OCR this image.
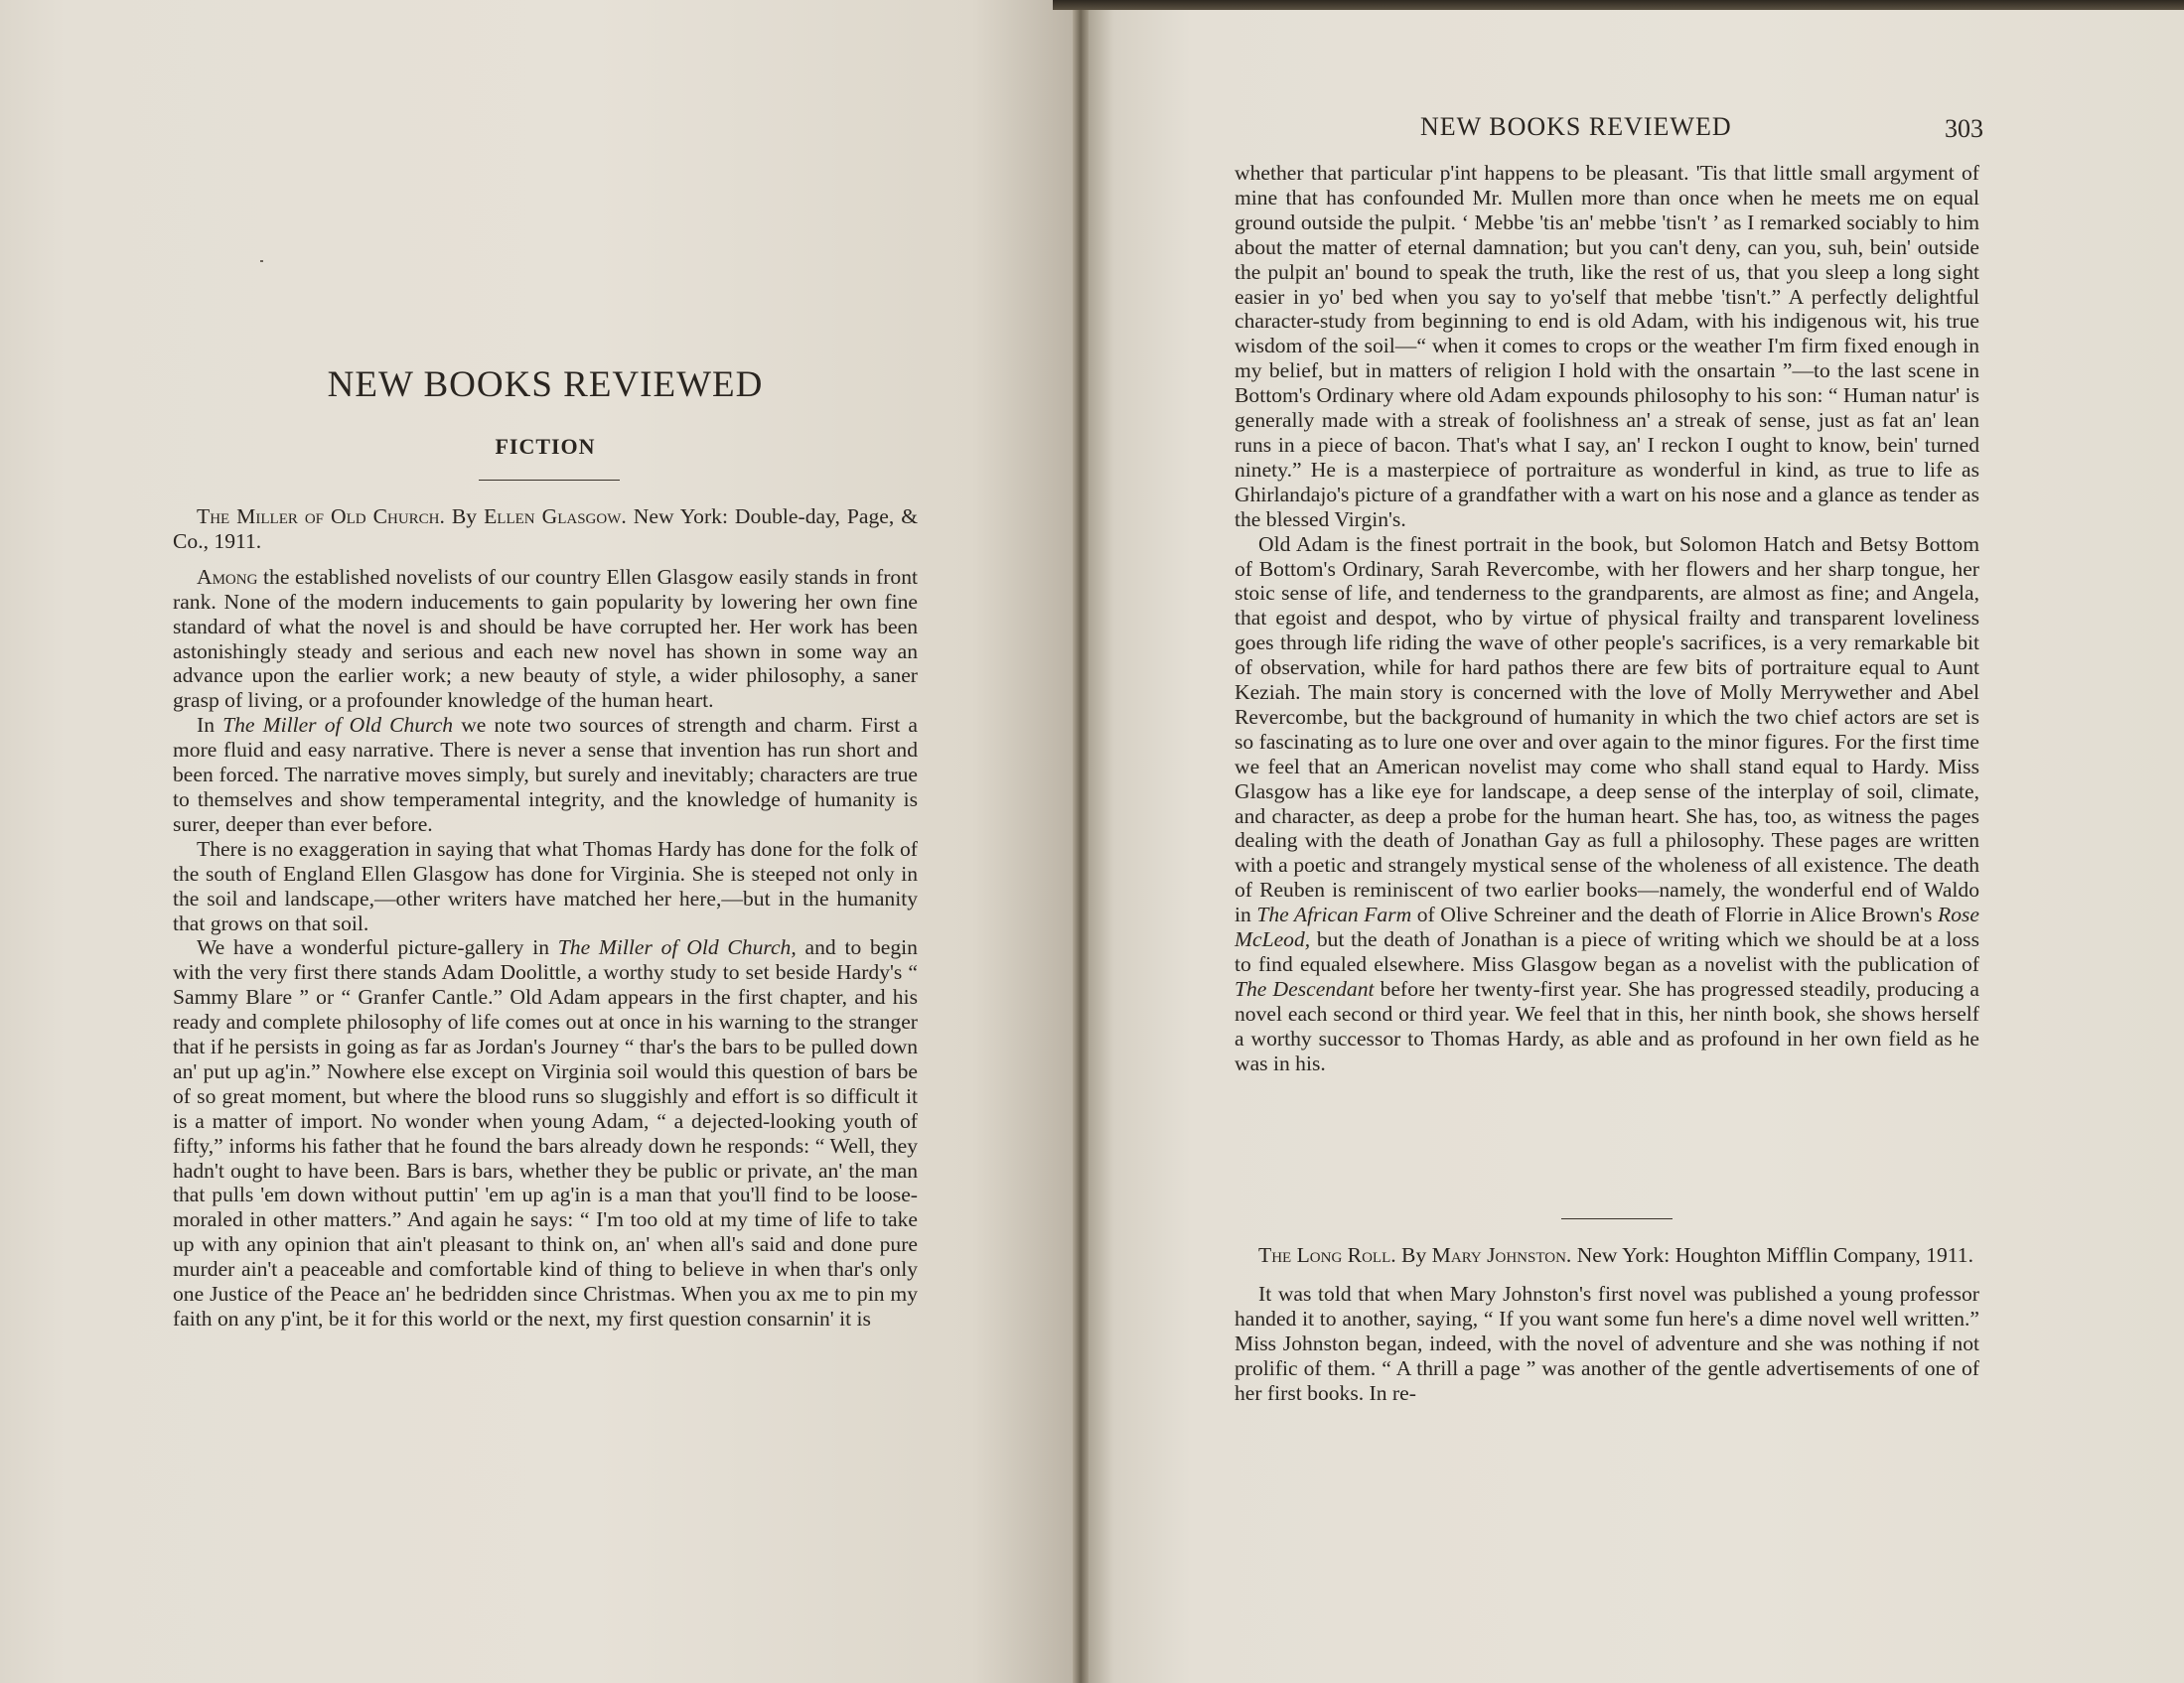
NEW BOOKS REVIEWED
FICTION

The Miller of Old Church. By Ellen Glasgow. New York: Double-day, Page, & Co., 1911.

Among the established novelists of our country Ellen Glasgow easily stands in front rank. None of the modern inducements to gain popularity by lowering her own fine standard of what the novel is and should be have corrupted her. Her work has been astonishingly steady and serious and each new novel has shown in some way an advance upon the earlier work; a new beauty of style, a wider philosophy, a saner grasp of living, or a profounder knowledge of the human heart.

In The Miller of Old Church we note two sources of strength and charm. First a more fluid and easy narrative. There is never a sense that invention has run short and been forced. The narrative moves simply, but surely and inevitably; characters are true to themselves and show temperamental integrity, and the knowledge of humanity is surer, deeper than ever before.

There is no exaggeration in saying that what Thomas Hardy has done for the folk of the south of England Ellen Glasgow has done for Virginia. She is steeped not only in the soil and landscape,—other writers have matched her here,—but in the humanity that grows on that soil.

We have a wonderful picture-gallery in The Miller of Old Church, and to begin with the very first there stands Adam Doolittle, a worthy study to set beside Hardy's “ Sammy Blare ” or “ Granfer Cantle.” Old Adam appears in the first chapter, and his ready and complete philosophy of life comes out at once in his warning to the stranger that if he persists in going as far as Jordan's Journey “ thar's the bars to be pulled down an' put up ag'in.” Nowhere else except on Virginia soil would this question of bars be of so great moment, but where the blood runs so sluggishly and effort is so difficult it is a matter of import. No wonder when young Adam, “ a dejected-looking youth of fifty,” informs his father that he found the bars already down he responds: “ Well, they hadn't ought to have been. Bars is bars, whether they be public or private, an' the man that pulls 'em down without puttin' 'em up ag'in is a man that you'll find to be loose-moraled in other matters.” And again he says: “ I'm too old at my time of life to take up with any opinion that ain't pleasant to think on, an' when all's said and done pure murder ain't a peaceable and comfortable kind of thing to believe in when thar's only one Justice of the Peace an' he bedridden since Christmas. When you ax me to pin my faith on any p'int, be it for this world or the next, my first question consarnin' it is

NEW BOOKS REVIEWED	303

whether that particular p'int happens to be pleasant. 'Tis that little small argyment of mine that has confounded Mr. Mullen more than once when he meets me on equal ground outside the pulpit. ‘ Mebbe 'tis an' mebbe 'tisn't ’ as I remarked sociably to him about the matter of eternal damnation; but you can't deny, can you, suh, bein' outside the pulpit an' bound to speak the truth, like the rest of us, that you sleep a long sight easier in yo' bed when you say to yo'self that mebbe 'tisn't.” A perfectly delightful character-study from beginning to end is old Adam, with his indigenous wit, his true wisdom of the soil—“ when it comes to crops or the weather I'm firm fixed enough in my belief, but in matters of religion I hold with the onsartain ”—to the last scene in Bottom's Ordinary where old Adam expounds philosophy to his son: “ Human natur' is generally made with a streak of foolishness an' a streak of sense, just as fat an' lean runs in a piece of bacon. That's what I say, an' I reckon I ought to know, bein' turned ninety.” He is a masterpiece of portraiture as wonderful in kind, as true to life as Ghirlandajo's picture of a grandfather with a wart on his nose and a glance as tender as the blessed Virgin's.

Old Adam is the finest portrait in the book, but Solomon Hatch and Betsy Bottom of Bottom's Ordinary, Sarah Revercombe, with her flowers and her sharp tongue, her stoic sense of life, and tenderness to the grandparents, are almost as fine; and Angela, that egoist and despot, who by virtue of physical frailty and transparent loveliness goes through life riding the wave of other people's sacrifices, is a very remarkable bit of observation, while for hard pathos there are few bits of portraiture equal to Aunt Keziah. The main story is concerned with the love of Molly Merrywether and Abel Revercombe, but the background of humanity in which the two chief actors are set is so fascinating as to lure one over and over again to the minor figures. For the first time we feel that an American novelist may come who shall stand equal to Hardy. Miss Glasgow has a like eye for landscape, a deep sense of the interplay of soil, climate, and character, as deep a probe for the human heart. She has, too, as witness the pages dealing with the death of Jonathan Gay as full a philosophy. These pages are written with a poetic and strangely mystical sense of the wholeness of all existence. The death of Reuben is reminiscent of two earlier books—namely, the wonderful end of Waldo in The African Farm of Olive Schreiner and the death of Florrie in Alice Brown's Rose McLeod, but the death of Jonathan is a piece of writing which we should be at a loss to find equaled elsewhere. Miss Glasgow began as a novelist with the publication of The Descendant before her twenty-first year. She has progressed steadily, producing a novel each second or third year. We feel that in this, her ninth book, she shows herself a worthy successor to Thomas Hardy, as able and as profound in her own field as he was in his.

The Long Roll. By Mary Johnston. New York: Houghton Mifflin Company, 1911.

It was told that when Mary Johnston's first novel was published a young professor handed it to another, saying, “ If you want some fun here's a dime novel well written.” Miss Johnston began, indeed, with the novel of adventure and she was nothing if not prolific of them. “ A thrill a page ” was another of the gentle advertisements of one of her first books. In re-
